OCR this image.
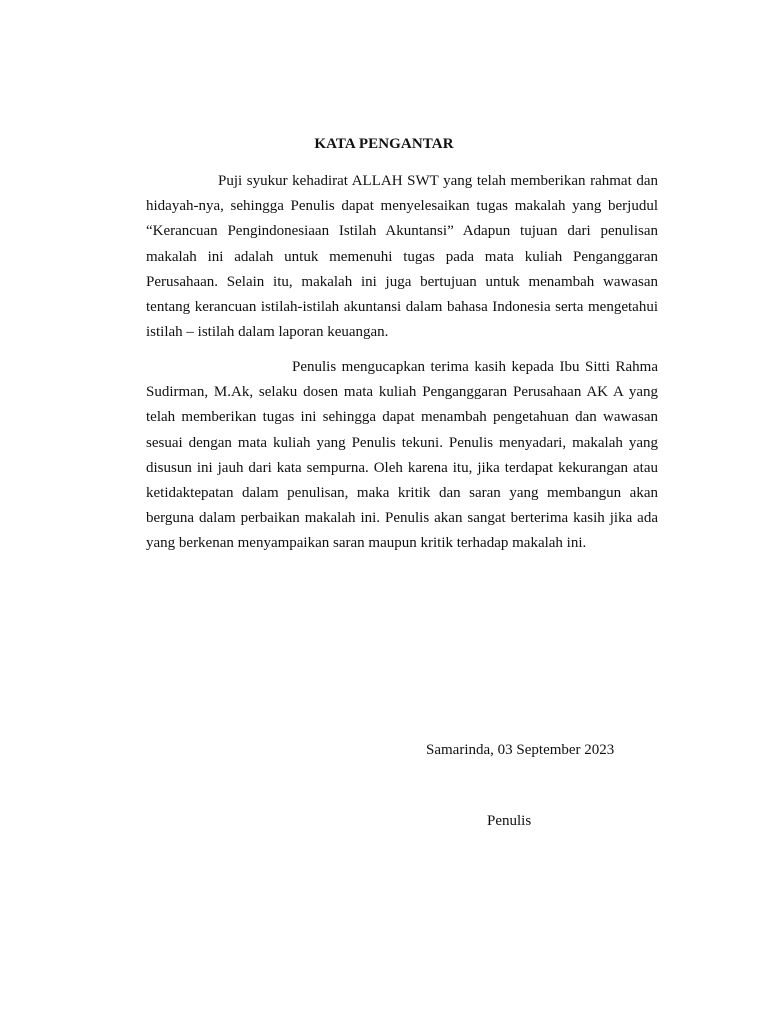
KATA PENGANTAR

Puji syukur kehadirat ALLAH SWT yang telah memberikan rahmat dan hidayah-nya, sehingga Penulis dapat menyelesaikan tugas makalah yang berjudul “Kerancuan Pengindonesiaan Istilah Akuntansi” Adapun tujuan dari penulisan makalah ini adalah untuk memenuhi tugas pada mata kuliah Penganggaran Perusahaan. Selain itu, makalah ini juga bertujuan untuk menambah wawasan tentang kerancuan istilah-istilah akuntansi dalam bahasa Indonesia serta mengetahui istilah – istilah dalam laporan keuangan.

Penulis mengucapkan terima kasih kepada Ibu Sitti Rahma Sudirman, M.Ak, selaku dosen mata kuliah Penganggaran Perusahaan AK A yang telah memberikan tugas ini sehingga dapat menambah pengetahuan dan wawasan sesuai dengan mata kuliah yang Penulis tekuni. Penulis menyadari, makalah yang disusun ini jauh dari kata sempurna. Oleh karena itu, jika terdapat kekurangan atau ketidaktepatan dalam penulisan, maka kritik dan saran yang membangun akan berguna dalam perbaikan makalah ini. Penulis akan sangat berterima kasih jika ada yang berkenan menyampaikan saran maupun kritik terhadap makalah ini.

Samarinda, 03 September 2023
Penulis
